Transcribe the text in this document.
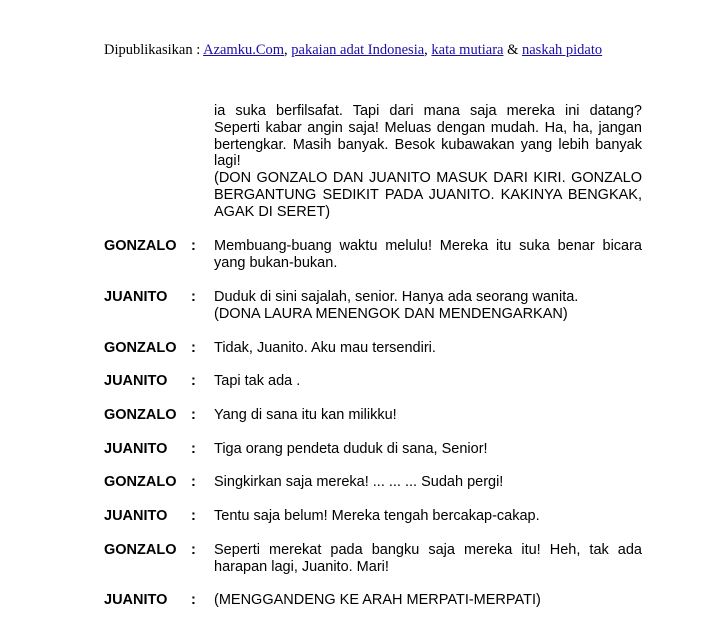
Dipublikasikan : Azamku.Com, pakaian adat Indonesia, kata mutiara & naskah pidato
ia suka berfilsafat. Tapi dari mana saja mereka ini datang?
Seperti kabar angin saja! Meluas dengan mudah. Ha, ha, jangan
bertengkar. Masih banyak. Besok kubawakan yang lebih banyak
lagi!
(DON GONZALO DAN JUANITO MASUK DARI KIRI. GONZALO
BERGANTUNG SEDIKIT PADA JUANITO. KAKINYA BENGKAK,
AGAK DI SERET)
GONZALO : Membuang-buang waktu melulu! Mereka itu suka benar bicara
yang bukan-bukan.
JUANITO : Duduk di sini sajalah, senior. Hanya ada seorang wanita.
(DONA LAURA MENENGOK DAN MENDENGARKAN)
GONZALO : Tidak, Juanito. Aku mau tersendiri.
JUANITO : Tapi tak ada .
GONZALO : Yang di sana itu kan milikku!
JUANITO : Tiga orang pendeta duduk di sana, Senior!
GONZALO : Singkirkan saja mereka! ... ... ... Sudah pergi!
JUANITO : Tentu saja belum! Mereka tengah bercakap-cakap.
GONZALO : Seperti merekat pada bangku saja mereka itu! Heh, tak ada
harapan lagi, Juanito. Mari!
JUANITO : (MENGGANDENG KE ARAH MERPATI-MERPATI)
